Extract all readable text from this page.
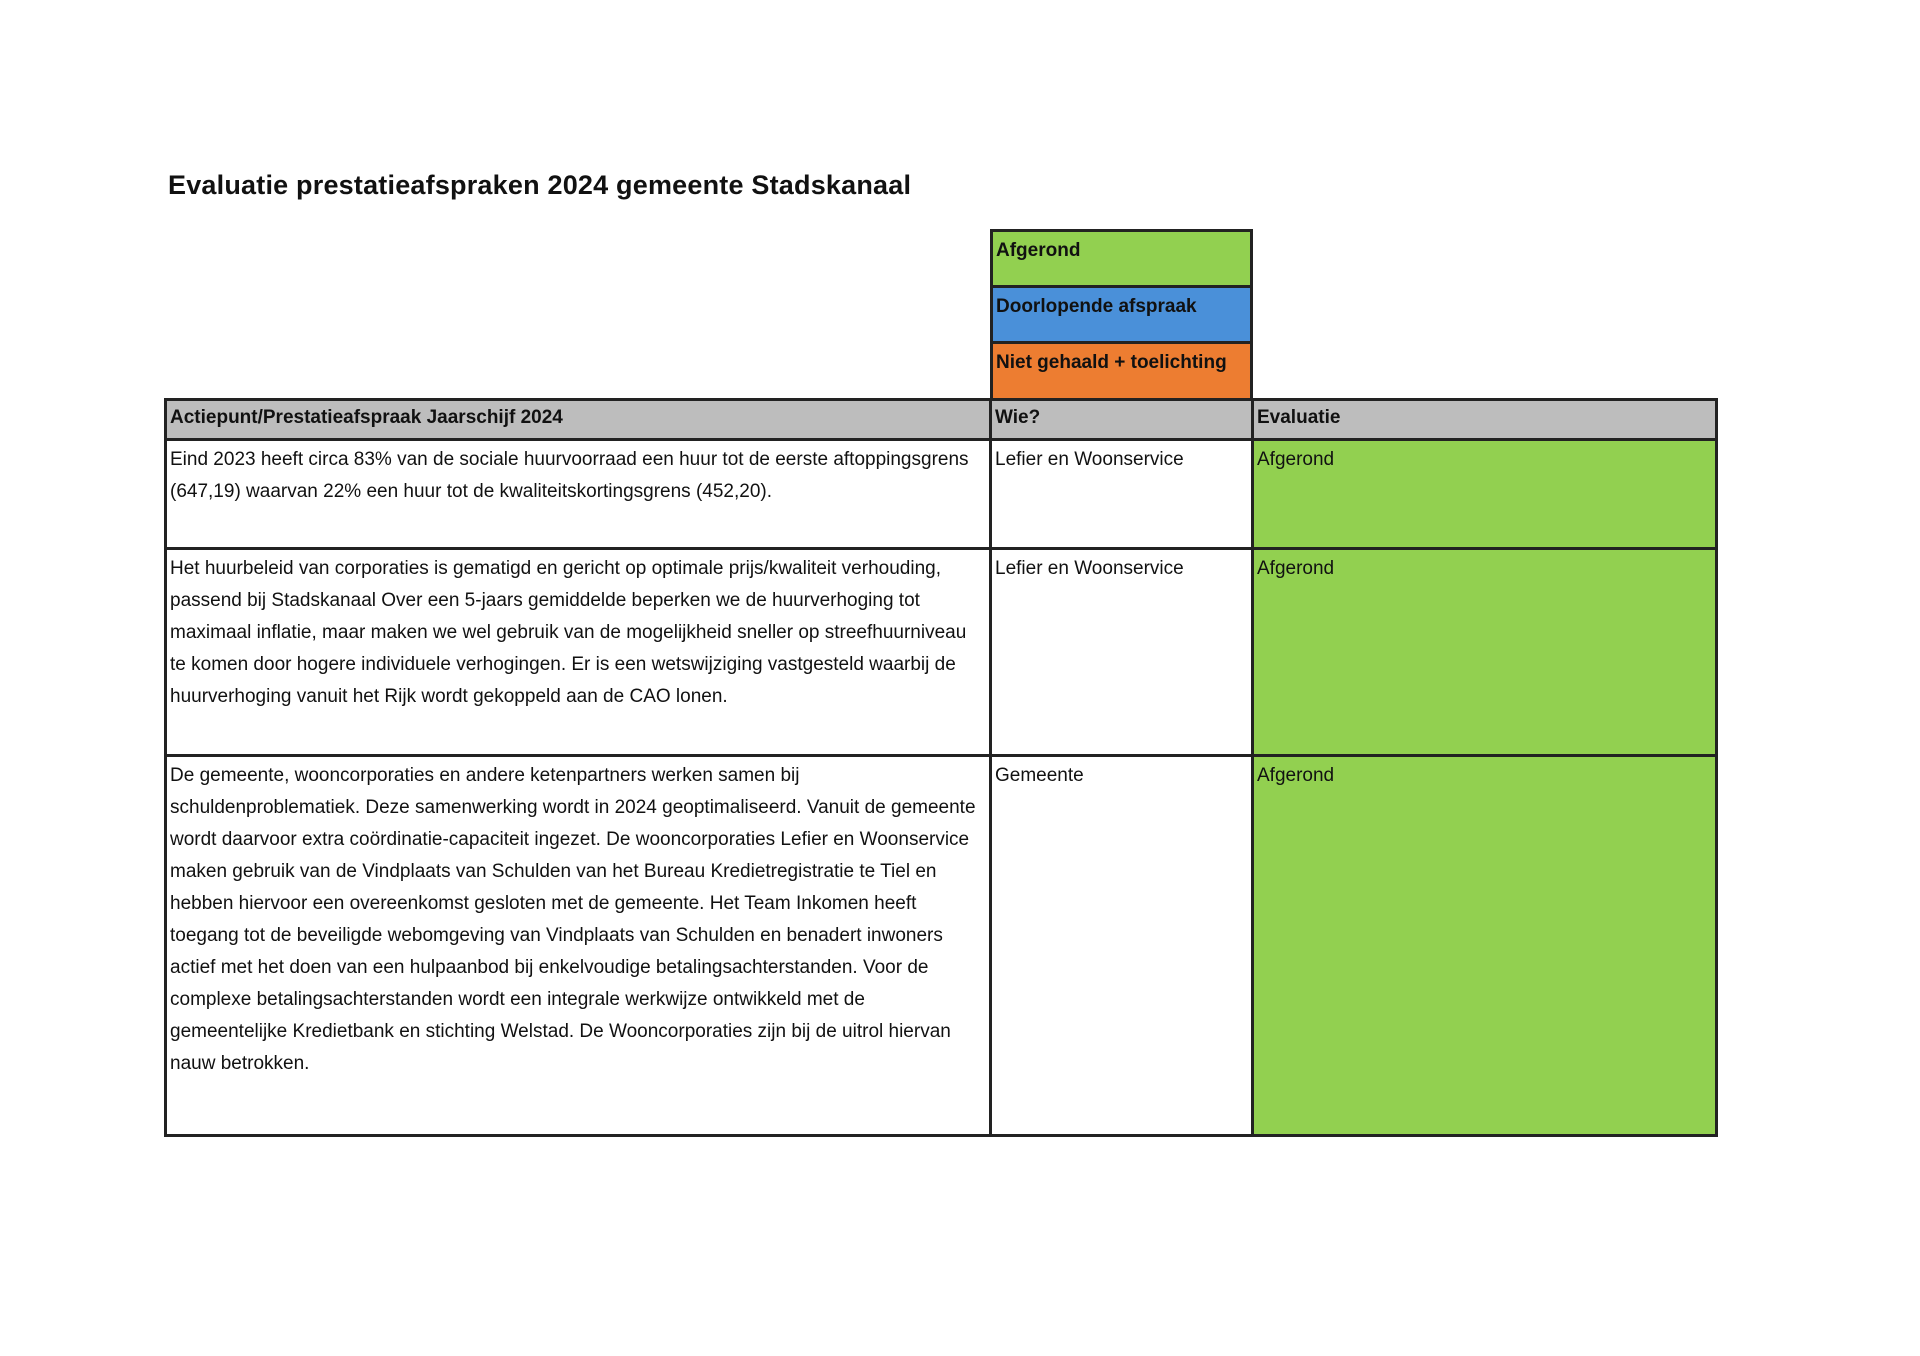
Evaluatie prestatieafspraken 2024 gemeente Stadskanaal
Afgerond
Doorlopende afspraak
Niet gehaald + toelichting
Actiepunt/Prestatieafspraak Jaarschijf 2024	Wie?	Evaluatie
Eind 2023 heeft circa 83% van de sociale huurvoorraad een huur tot de eerste aftoppingsgrens (647,19) waarvan 22% een huur tot de kwaliteitskortingsgrens (452,20).	Lefier en Woonservice	Afgerond
Het huurbeleid van corporaties is gematigd en gericht op optimale prijs/kwaliteit verhouding, passend bij Stadskanaal Over een 5-jaars gemiddelde beperken we de huurverhoging tot maximaal inflatie, maar maken we wel gebruik van de mogelijkheid sneller op streefhuurniveau te komen door hogere individuele verhogingen. Er is een wetswijziging vastgesteld waarbij de huurverhoging vanuit het Rijk wordt gekoppeld aan de CAO lonen.	Lefier en Woonservice	Afgerond
De gemeente, wooncorporaties en andere ketenpartners werken samen bij schuldenproblematiek. Deze samenwerking wordt in 2024 geoptimaliseerd. Vanuit de gemeente wordt daarvoor extra coördinatie-capaciteit ingezet. De wooncorporaties Lefier en Woonservice maken gebruik van de Vindplaats van Schulden van het Bureau Kredietregistratie te Tiel en hebben hiervoor een overeenkomst gesloten met de gemeente. Het Team Inkomen heeft toegang tot de beveiligde webomgeving van Vindplaats van Schulden en benadert inwoners actief met het doen van een hulpaanbod bij enkelvoudige betalingsachterstanden. Voor de complexe betalingsachterstanden wordt een integrale werkwijze ontwikkeld met de gemeentelijke Kredietbank en stichting Welstad. De Wooncorporaties zijn bij de uitrol hiervan nauw betrokken.	Gemeente	Afgerond
